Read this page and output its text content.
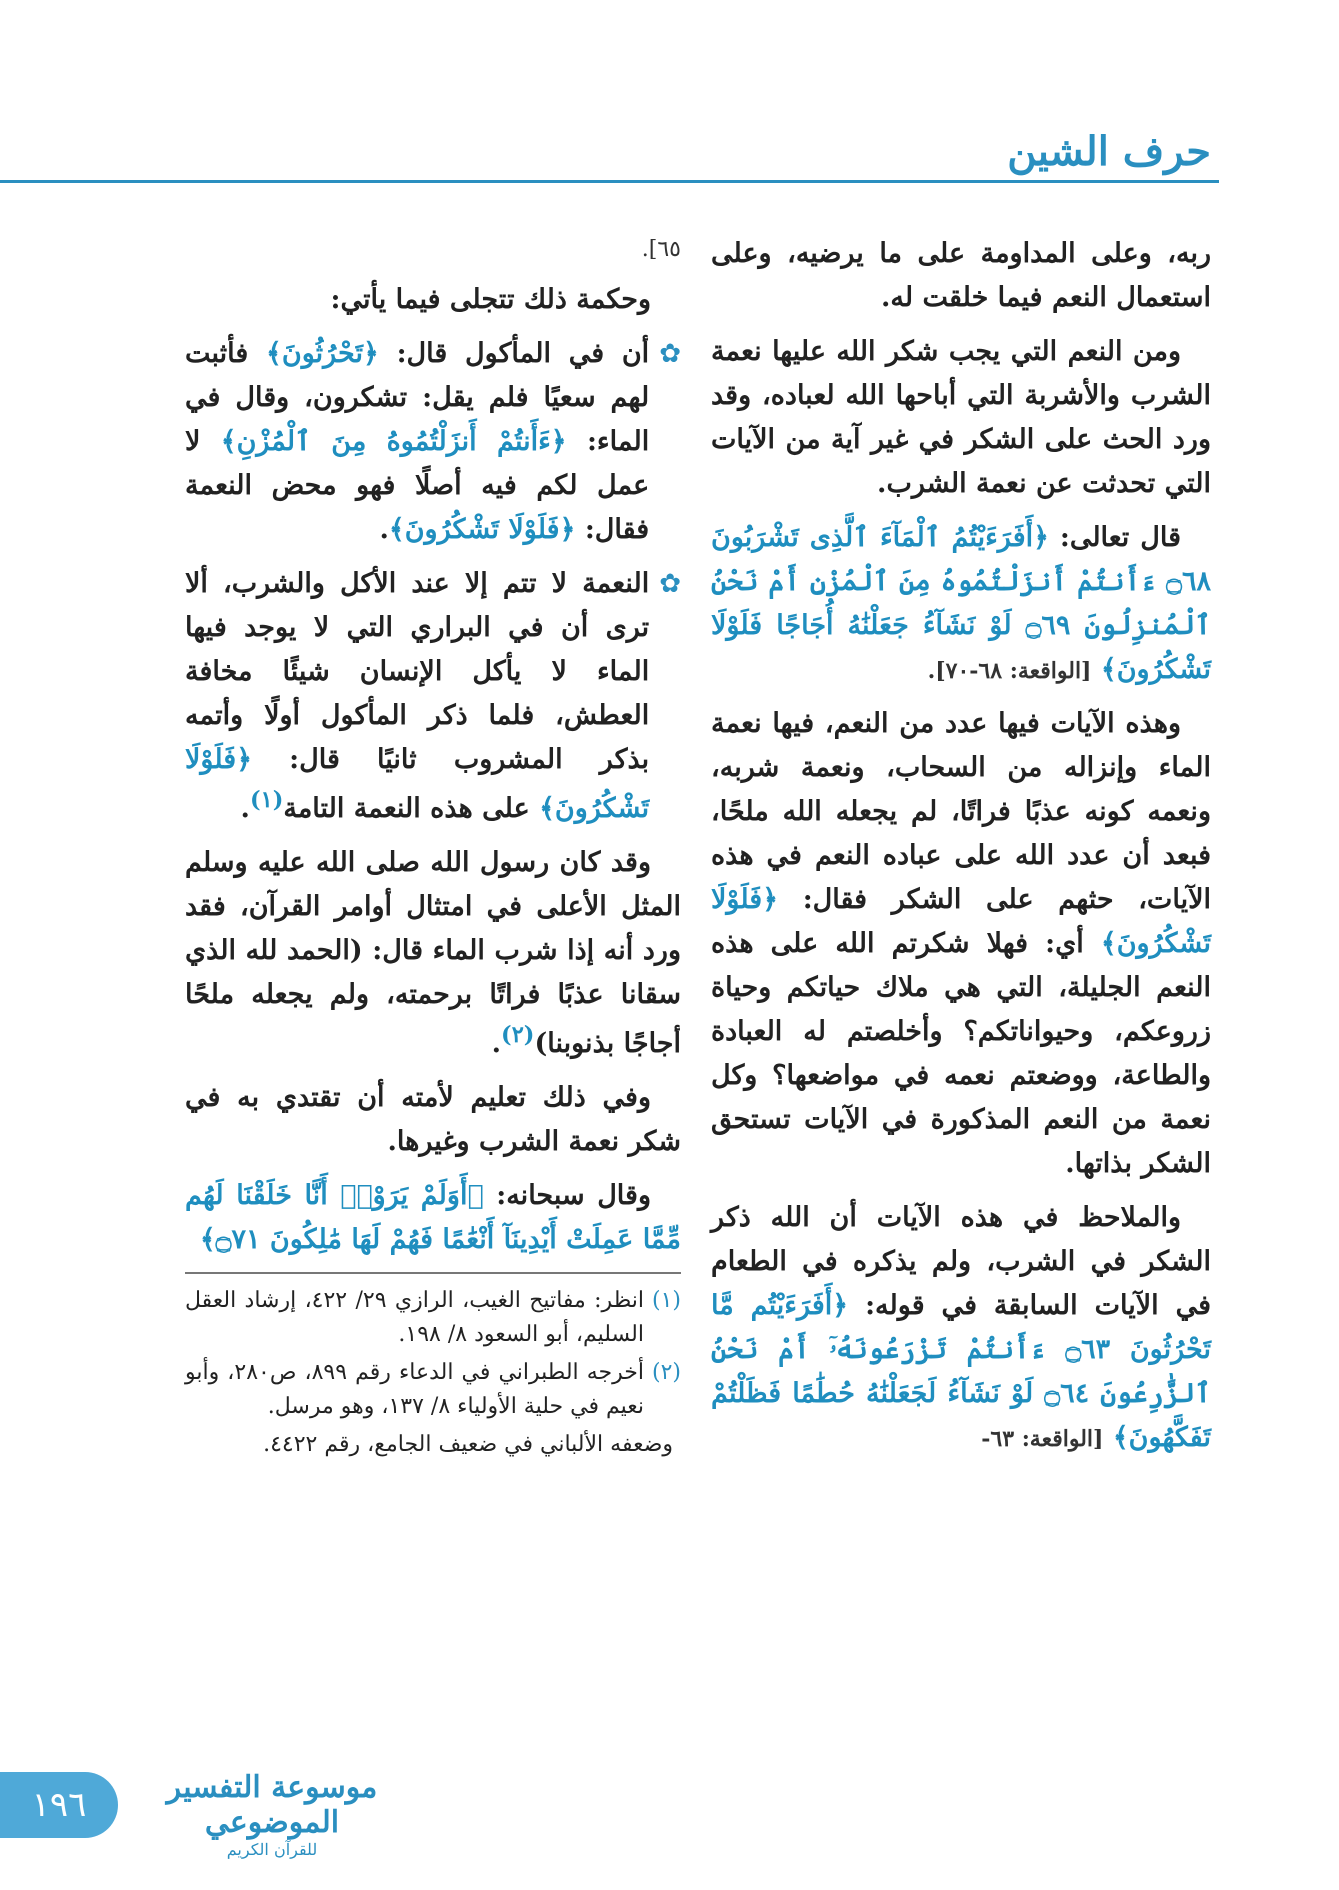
حرف الشين

ربه، وعلى المداومة على ما يرضيه، وعلى استعمال النعم فيما خلقت له.

ومن النعم التي يجب شكر الله عليها نعمة الشرب والأشربة التي أباحها الله لعباده، وقد ورد الحث على الشكر في غير آية من الآيات التي تحدثت عن نعمة الشرب.

قال تعالى: ﴿أَفَرَءَيْتُمُ ٱلْمَآءَ ٱلَّذِى تَشْرَبُونَ ۝٦٨ ءَأَنتُمْ أَنزَلْتُمُوهُ مِنَ ٱلْمُزْنِ أَمْ نَحْنُ ٱلْمُنزِلُونَ ۝٦٩ لَوْ نَشَآءُ جَعَلْنَٰهُ أُجَاجًا فَلَوْلَا تَشْكُرُونَ﴾ [الواقعة: ٦٨-٧٠].

وهذه الآيات فيها عدد من النعم، فيها نعمة الماء وإنزاله من السحاب، ونعمة شربه، ونعمه كونه عذبًا فراتًا، لم يجعله الله ملحًا، فبعد أن عدد الله على عباده النعم في هذه الآيات، حثهم على الشكر فقال: ﴿فَلَوْلَا تَشْكُرُونَ﴾ أي: فهلا شكرتم الله على هذه النعم الجليلة، التي هي ملاك حياتكم وحياة زروعكم، وحيواناتكم؟ وأخلصتم له العبادة والطاعة، ووضعتم نعمه في مواضعها؟ وكل نعمة من النعم المذكورة في الآيات تستحق الشكر بذاتها.

والملاحظ في هذه الآيات أن الله ذكر الشكر في الشرب، ولم يذكره في الطعام في الآيات السابقة في قوله: ﴿أَفَرَءَيْتُم مَّا تَحْرُثُونَ ۝٦٣ ءَأَنتُمْ تَزْرَعُونَهُۥٓ أَمْ نَحْنُ ٱلزَّٰرِعُونَ ۝٦٤ لَوْ نَشَآءُ لَجَعَلْنَٰهُ حُطَٰمًا فَظَلْتُمْ تَفَكَّهُونَ﴾ [الواقعة: ٦٣-

٦٥].

وحكمة ذلك تتجلى فيما يأتي:

✿
أن في المأكول قال: ﴿تَحْرُثُونَ﴾ فأثبت لهم سعيًا فلم يقل: تشكرون، وقال في الماء: ﴿ءَأَنتُمْ أَنزَلْتُمُوهُ مِنَ ٱلْمُزْنِ﴾ لا عمل لكم فيه أصلًا فهو محض النعمة فقال: ﴿فَلَوْلَا تَشْكُرُونَ﴾.
✿
النعمة لا تتم إلا عند الأكل والشرب، ألا ترى أن في البراري التي لا يوجد فيها الماء لا يأكل الإنسان شيئًا مخافة العطش، فلما ذكر المأكول أولًا وأتمه بذكر المشروب ثانيًا قال: ﴿فَلَوْلَا تَشْكُرُونَ﴾ على هذه النعمة التامة$^{(١)}$.

وقد كان رسول الله صلى الله عليه وسلم المثل الأعلى في امتثال أوامر القرآن، فقد ورد أنه إذا شرب الماء قال: (الحمد لله الذي سقانا عذبًا فراتًا برحمته، ولم يجعله ملحًا أجاجًا بذنوبنا)$^{(٢)}$.

وفي ذلك تعليم لأمته أن تقتدي به في شكر نعمة الشرب وغيرها.

وقال سبحانه: ﴿أَوَلَمْ يَرَوْا۟ أَنَّا خَلَقْنَا لَهُم مِّمَّا عَمِلَتْ أَيْدِينَآ أَنْعَٰمًا فَهُمْ لَهَا مَٰلِكُونَ ۝٧١﴾

(١)
انظر: مفاتيح الغيب، الرازي ٢٩/ ٤٢٢، إرشاد العقل السليم، أبو السعود ٨/ ١٩٨.
(٢)
أخرجه الطبراني في الدعاء رقم ٨٩٩، ص٢٨٠، وأبو نعيم في حلية الأولياء ٨/ ١٣٧، وهو مرسل.
وضعفه الألباني في ضعيف الجامع، رقم ٤٤٢٢.
١٩٦	موسوعة التفسير الموضوعي
للقرآن الكريم
